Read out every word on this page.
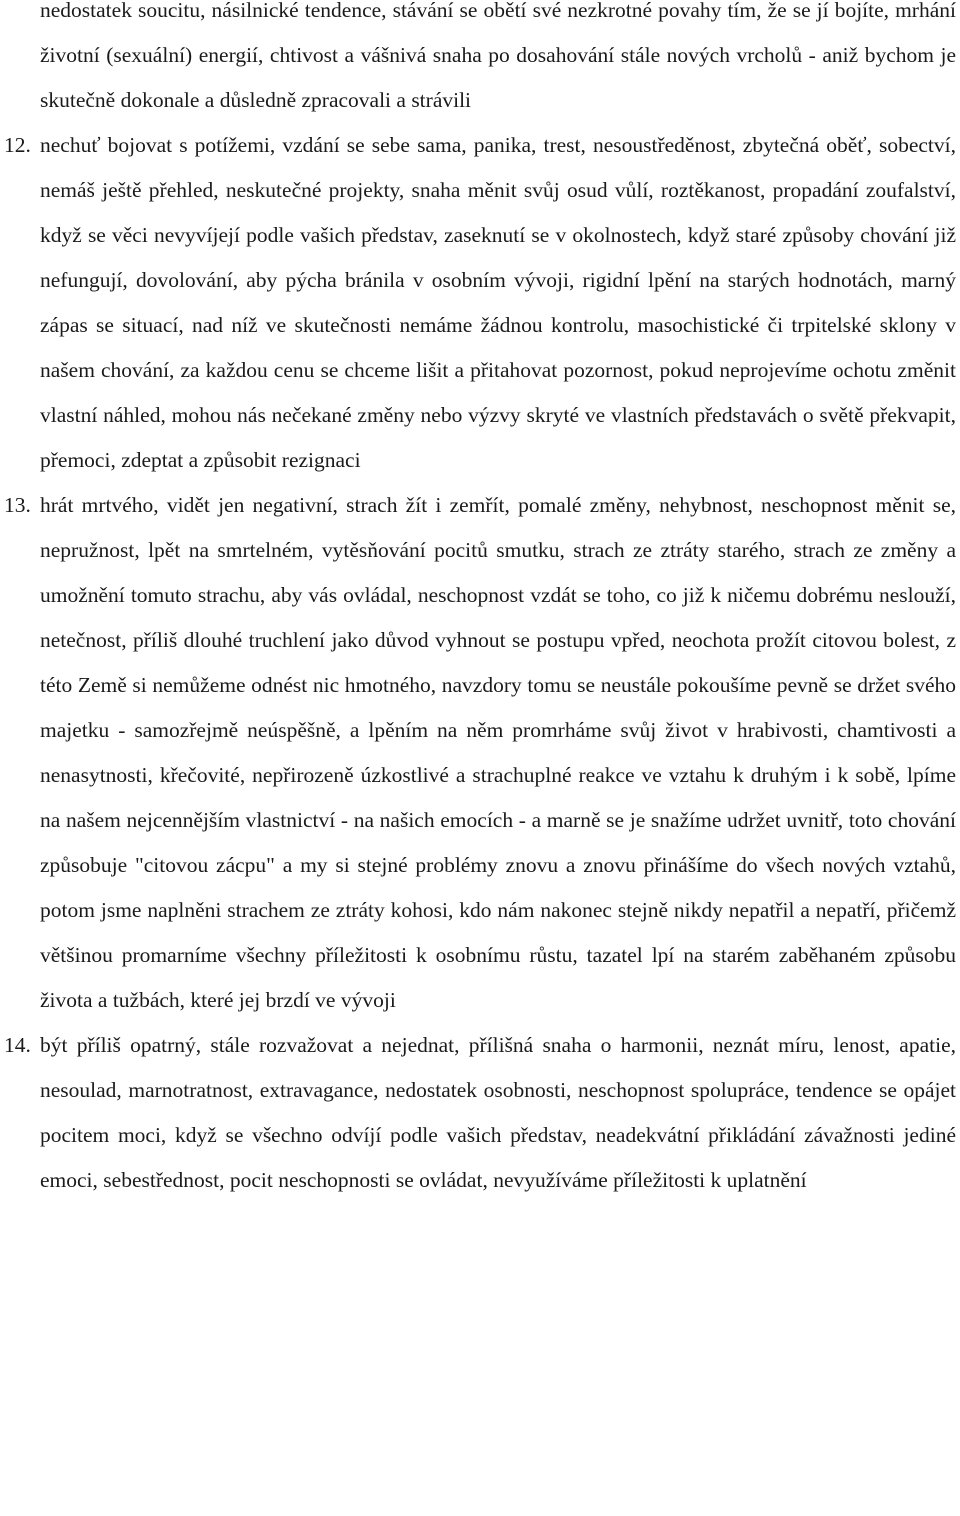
nedostatek soucitu, násilnické tendence, stávání se obětí své nezkrotné povahy tím, že se jí bojíte, mrhání životní (sexuální) energií, chtivost a vášnivá snaha po dosahování stále nových vrcholů - aniž bychom je skutečně dokonale a důsledně zpracovali a strávili

12. nechuť bojovat s potížemi, vzdání se sebe sama, panika, trest, nesoustředěnost, zbytečná oběť, sobectví, nemáš ještě přehled, neskutečné projekty, snaha měnit svůj osud vůlí, roztěkanost, propadání zoufalství, když se věci nevyvíjejí podle vašich představ, zaseknutí se v okolnostech, když staré způsoby chování již nefungují, dovolování, aby pýcha bránila v osobním vývoji, rigidní lpění na starých hodnotách, marný zápas se situací, nad níž ve skutečnosti nemáme žádnou kontrolu, masochistické či trpitelské sklony v našem chování, za každou cenu se chceme lišit a přitahovat pozornost, pokud neprojevíme ochotu změnit vlastní náhled, mohou nás nečekané změny nebo výzvy skryté ve vlastních představách o světě překvapit, přemoci, zdeptat a způsobit rezignaci
13. hrát mrtvého, vidět jen negativní, strach žít i zemřít, pomalé změny, nehybnost, neschopnost měnit se, nepružnost, lpět na smrtelném, vytěsňování pocitů smutku, strach ze ztráty starého, strach ze změny a umožnění tomuto strachu, aby vás ovládal, neschopnost vzdát se toho, co již k ničemu dobrému neslouží, netečnost, příliš dlouhé truchlení jako důvod vyhnout se postupu vpřed, neochota prožít citovou bolest, z této Země si nemůžeme odnést nic hmotného, navzdory tomu se neustále pokoušíme pevně se držet svého majetku - samozřejmě neúspěšně, a lpěním na něm promrháme svůj život v hrabivosti, chamtivosti a nenasytnosti, křečovité, nepřirozeně úzkostlivé a strachuplné reakce ve vztahu k druhým i k sobě, lpíme na našem nejcennějším vlastnictví - na našich emocích - a marně se je snažíme udržet uvnitř, toto chování způsobuje "citovou zácpu" a my si stejné problémy znovu a znovu přinášíme do všech nových vztahů, potom jsme naplněni strachem ze ztráty kohosi, kdo nám nakonec stejně nikdy nepatřil a nepatří, přičemž většinou promarníme všechny příležitosti k osobnímu růstu, tazatel lpí na starém zaběhaném způsobu života a tužbách, které jej brzdí ve vývoji
14. být příliš opatrný, stále rozvažovat a nejednat, přílišná snaha o harmonii, neznát míru, lenost, apatie, nesoulad, marnotratnost, extravagance, nedostatek osobnosti, neschopnost spolupráce, tendence se opájet pocitem moci, když se všechno odvíjí podle vašich představ, neadekvátní přikládání závažnosti jediné emoci, sebestřednost, pocit neschopnosti se ovládat, nevyužíváme příležitosti k uplatnění
